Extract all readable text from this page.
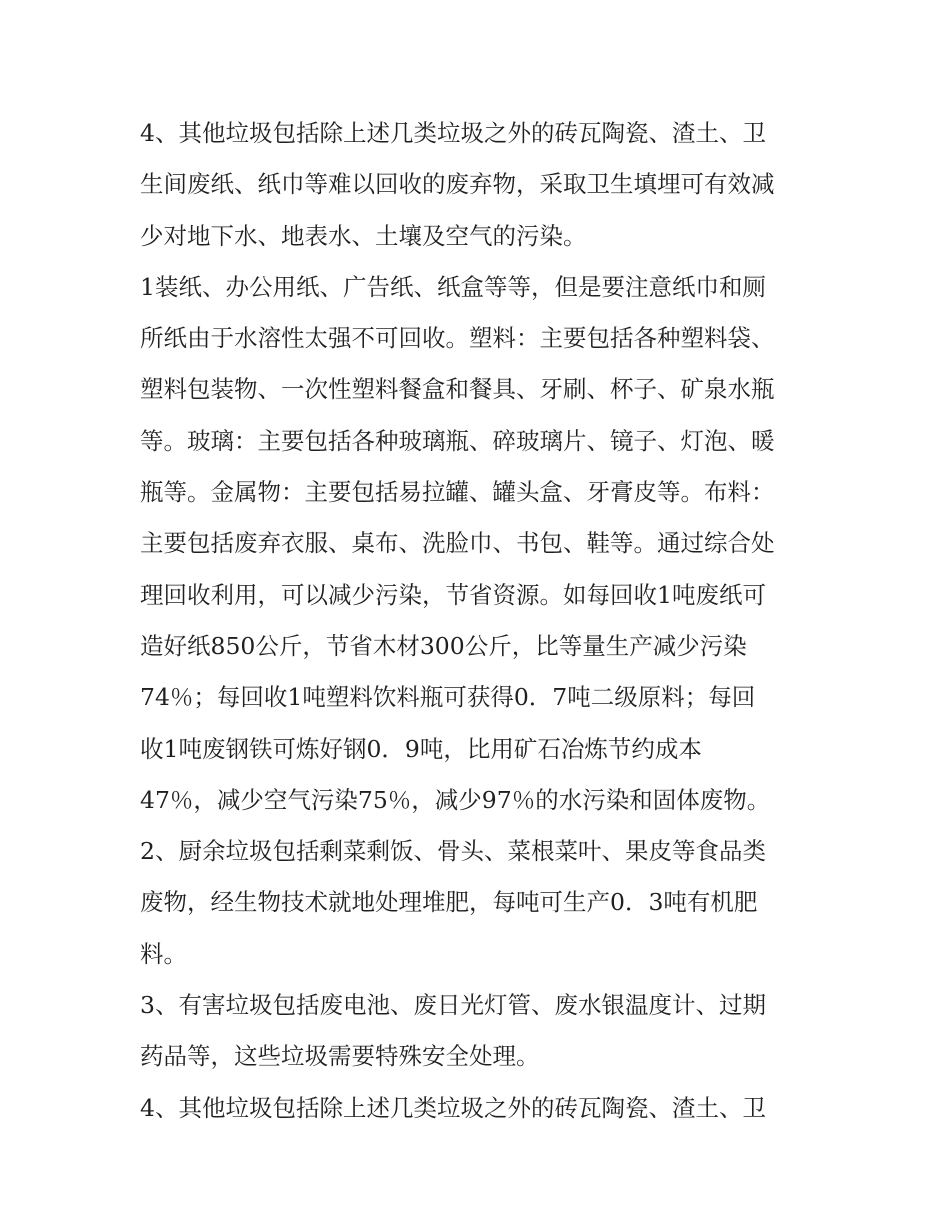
4、其他垃圾包括除上述几类垃圾之外的砖瓦陶瓷、渣土、卫
生间废纸、纸巾等难以回收的废弃物，采取卫生填埋可有效减
少对地下水、地表水、土壤及空气的污染。
1装纸、办公用纸、广告纸、纸盒等等，但是要注意纸巾和厕
所纸由于水溶性太强不可回收。塑料：主要包括各种塑料袋、
塑料包装物、一次性塑料餐盒和餐具、牙刷、杯子、矿泉水瓶
等。玻璃：主要包括各种玻璃瓶、碎玻璃片、镜子、灯泡、暖
瓶等。金属物：主要包括易拉罐、罐头盒、牙膏皮等。布料：
主要包括废弃衣服、桌布、洗脸巾、书包、鞋等。通过综合处
理回收利用，可以减少污染，节省资源。如每回收1吨废纸可
造好纸850公斤，节省木材300公斤，比等量生产减少污染
74％；每回收1吨塑料饮料瓶可获得0．7吨二级原料；每回
收1吨废钢铁可炼好钢0．9吨，比用矿石冶炼节约成本
47％，减少空气污染75％，减少97％的水污染和固体废物。
2、厨余垃圾包括剩菜剩饭、骨头、菜根菜叶、果皮等食品类
废物，经生物技术就地处理堆肥，每吨可生产0．3吨有机肥
料。
3、有害垃圾包括废电池、废日光灯管、废水银温度计、过期
药品等，这些垃圾需要特殊安全处理。
4、其他垃圾包括除上述几类垃圾之外的砖瓦陶瓷、渣土、卫
